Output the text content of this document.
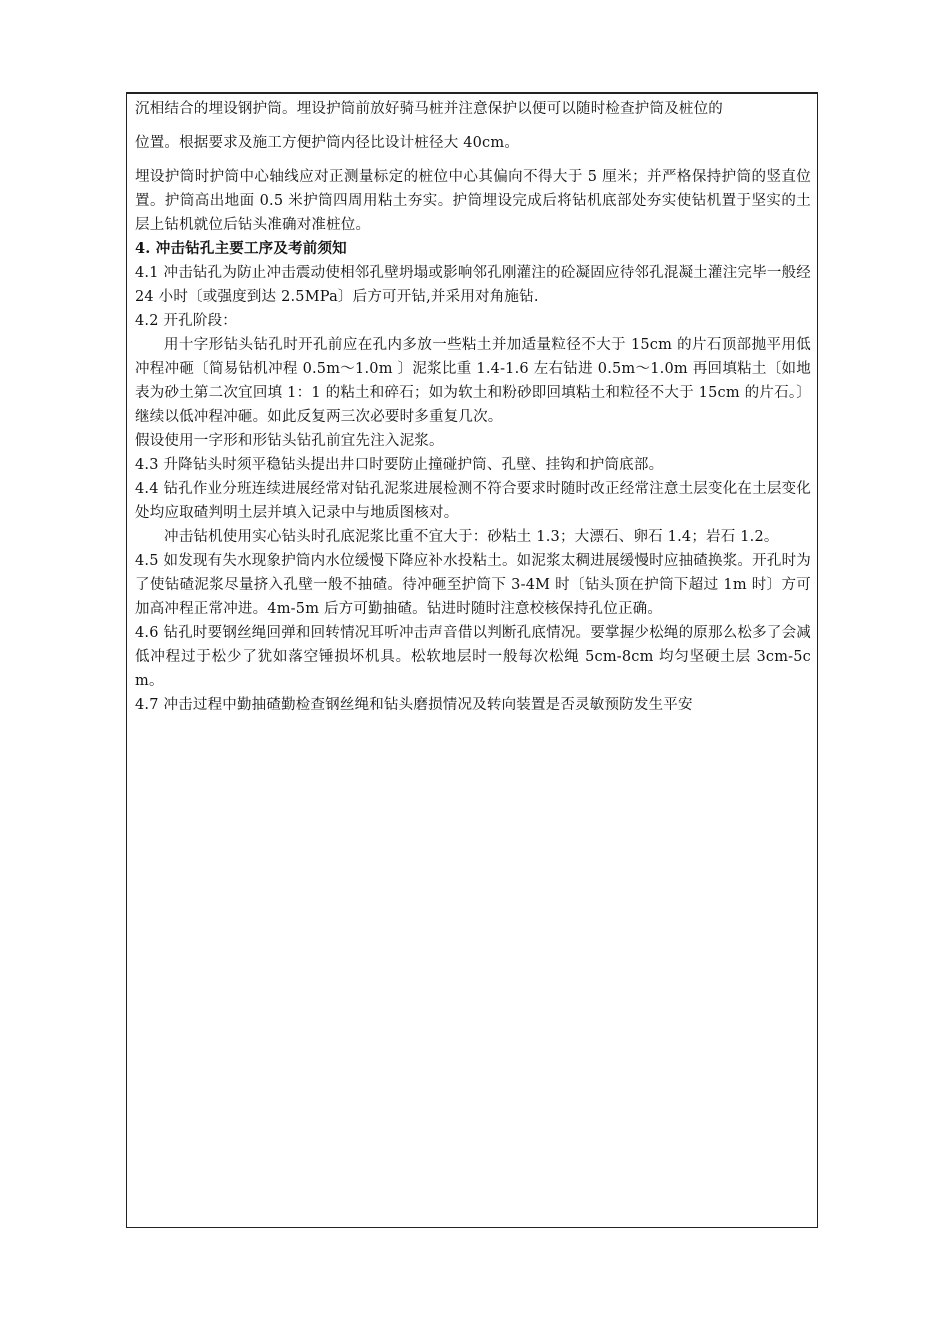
沉相结合的埋设钢护筒。埋设护筒前放好骑马桩并注意保护以便可以随时检查护筒及桩位的

位置。根据要求及施工方便护筒内径比设计桩径大 40cm。

埋设护筒时护筒中心轴线应对正测量标定的桩位中心其偏向不得大于 5 厘米；并严格保持护筒的竖直位置。护筒高出地面 0.5 米护筒四周用粘土夯实。护筒埋设完成后将钻机底部处夯实使钻机置于坚实的土层上钻机就位后钻头准确对准桩位。

4. 冲击钻孔主要工序及考前须知

4.1 冲击钻孔为防止冲击震动使相邻孔壁坍塌或影响邻孔刚灌注的砼凝固应待邻孔混凝土灌注完毕一般经 24 小时〔或强度到达 2.5MPa〕后方可开钻,并采用对角施钻.

4.2 开孔阶段：

用十字形钻头钻孔时开孔前应在孔内多放一些粘土并加适量粒径不大于 15cm 的片石顶部抛平用低冲程冲砸〔简易钻机冲程 0.5m～1.0m 〕泥浆比重 1.4-1.6 左右钻进 0.5m～1.0m 再回填粘土〔如地表为砂土第二次宜回填 1：1 的粘土和碎石；如为软土和粉砂即回填粘土和粒径不大于 15cm 的片石。〕继续以低冲程冲砸。如此反复两三次必要时多重复几次。

假设使用一字形和形钻头钻孔前宜先注入泥浆。

4.3 升降钻头时须平稳钻头提出井口时要防止撞碰护筒、孔壁、挂钩和护筒底部。

4.4 钻孔作业分班连续进展经常对钻孔泥浆进展检测不符合要求时随时改正经常注意土层变化在土层变化处均应取碴判明土层并填入记录中与地质图核对。

冲击钻机使用实心钻头时孔底泥浆比重不宜大于：砂粘土 1.3；大漂石、卵石 1.4；岩石 1.2。

4.5 如发现有失水现象护筒内水位缓慢下降应补水投粘土。如泥浆太稠进展缓慢时应抽碴换浆。开孔时为了使钻碴泥浆尽量挤入孔壁一般不抽碴。待冲砸至护筒下 3-4M 时〔钻头顶在护筒下超过 1m 时〕方可加高冲程正常冲进。4m-5m 后方可勤抽碴。钻进时随时注意校核保持孔位正确。

4.6 钻孔时要钢丝绳回弹和回转情况耳听冲击声音借以判断孔底情况。要掌握少松绳的原那么松多了会减低冲程过于松少了犹如落空锤损坏机具。松软地层时一般每次松绳 5cm-8cm 均匀坚硬土层 3cm-5cm。

4.7 冲击过程中勤抽碴勤检查钢丝绳和钻头磨损情况及转向装置是否灵敏预防发生平安
